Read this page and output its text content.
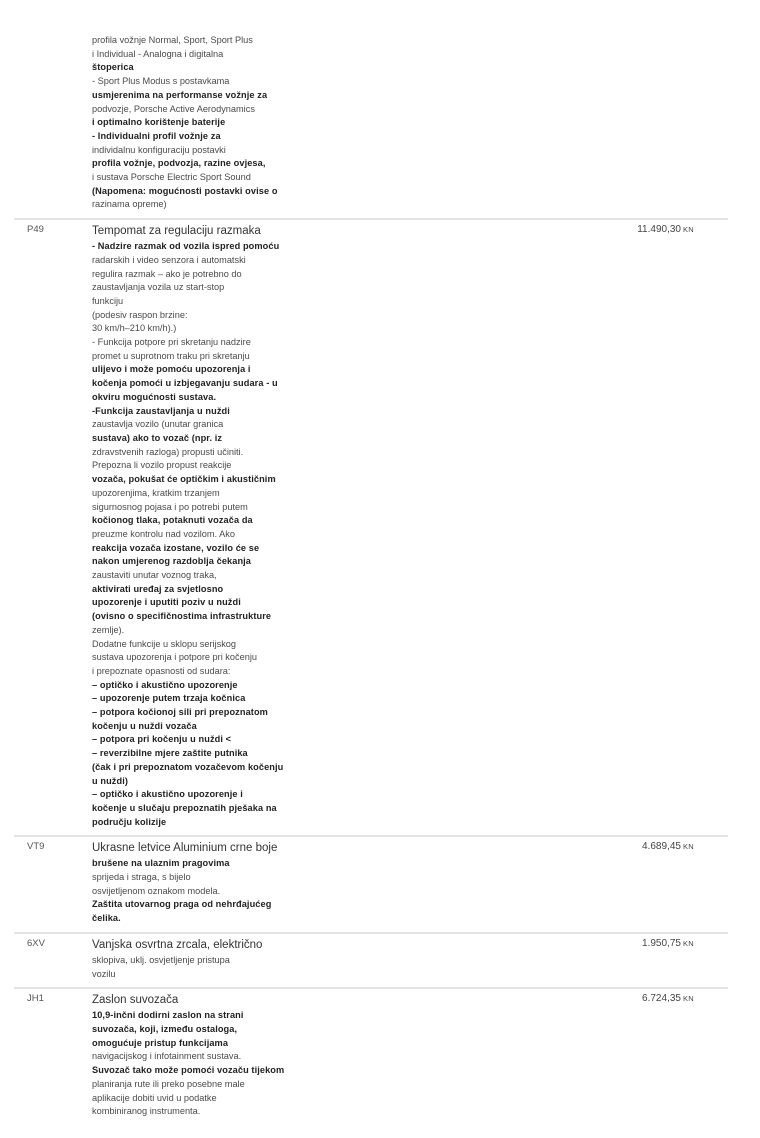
profila vožnje Normal, Sport, Sport Plus
i Individual - Analogna i digitalna
štoperica
- Sport Plus Modus s postavkama
usmjerenima na performanse vožnje za
podvozje, Porsche Active Aerodynamics
i optimalno korištenje baterije
- Individualni profil vožnje za
individalnu konfiguraciju postavki
profila vožnje, podvozja, razine ovjesa,
i sustava Porsche Electric Sport Sound
(Napomena: mogućnosti postavki ovise o
razinama opreme)
P49	Tempomat za regulaciju razmaka
- Nadzire razmak od vozila ispred pomoću
radarskih i video senzora i automatski
regulira razmak – ako je potrebno do
zaustavljanja vozila uz start-stop
funkciju
(podesiv raspon brzine:
30 km/h–210 km/h).)
- Funkcija potpore pri skretanju nadzire
promet u suprotnom traku pri skretanju
ulijevo i može pomoću upozorenja i
kočenja pomoći u izbjegavanju sudara - u
okviru mogućnosti sustava.
-Funkcija zaustavljanja u nuždi
zaustavlja vozilo (unutar granica
sustava) ako to vozač (npr. iz
zdravstvenih razloga) propusti učiniti.
Prepozna li vozilo propust reakcije
vozača, pokušat će optičkim i akustičnim
upozorenjima, kratkim trzanjem
sigurnosnog pojasa i po potrebi putem
kočionog tlaka, potaknuti vozača da
preuzme kontrolu nad vozilom. Ako
reakcija vozača izostane, vozilo će se
nakon umjerenog razdoblja čekanja
zaustaviti unutar voznog traka,
aktivirati uređaj za svjetlosno
upozorenje i uputiti poziv u nuždi
(ovisno o specifičnostima infrastrukture
zemlje).
Dodatne funkcije u sklopu serijskog
sustava upozorenja i potpore pri kočenju
i prepoznate opasnosti od sudara:
– optičko i akustično upozorenje
– upozorenje putem trzaja kočnica
– potpora kočionoj sili pri prepoznatom
kočenju u nuždi vozača
– potpora pri kočenju u nuždi <
– reverzibilne mjere zaštite putnika
(čak i pri prepoznatom vozačevom kočenju
u nuždi)
– optičko i akustično upozorenje i
kočenje u slučaju prepoznatih pješaka na
području kolizije
11.490,30 KN
VT9	Ukrasne letvice Aluminium crne boje
brušene na ulaznim pragovima
sprijeda i straga, s bijelo
osvijetljenom oznakom modela.
Zaštita utovarnog praga od nehrđajućeg
čelika.
4.689,45 KN
6XV	Vanjska osvrtna zrcala, električno
sklopiva, uklj. osvjetljenje pristupa
vozilu
1.950,75 KN
JH1	Zaslon suvozača
10,9-inčni dodirni zaslon na strani
suvozača, koji, između ostaloga,
omogućuje pristup funkcijama
navigacijskog i infotainment sustava.
Suvozač tako može pomoći vozaču tijekom
planiranja rute ili preko posebne male
aplikacije dobiti uvid u podatke
kombiniranog instrumenta.
6.724,35 KN
